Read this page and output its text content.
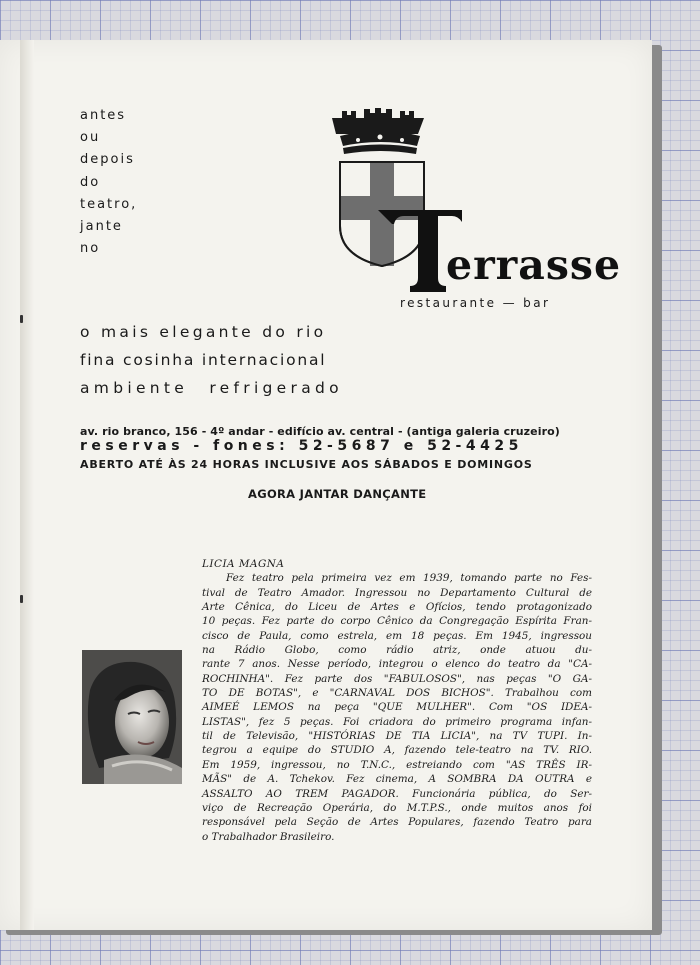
antes
ou
depois
do
teatro,
jante
no	errasse
restaurante — bar
o mais elegante do rio
fina cosinha internacional
ambiente refrigerado
av. rio branco, 156 - 4º andar - edifício av. central - (antiga galeria cruzeiro)
reservas - fones: 52-5687 e 52-4425
ABERTO ATÉ ÀS 24 HORAS INCLUSIVE AOS SÁBADOS E DOMINGOS
AGORA JANTAR DANÇANTE
LICIA MAGNA
Fez teatro pela primeira vez em 1939, tomando parte no Fes-
tival de Teatro Amador. Ingressou no Departamento Cultural de
Arte Cênica, do Liceu de Artes e Ofícios, tendo protagonizado
10 peças. Fez parte do corpo Cênico da Congregação Espírita Fran-
cisco de Paula, como estrela, em 18 peças. Em 1945, ingressou
na Rádio Globo, como rádio atriz, onde atuou du-
rante 7 anos. Nesse período, integrou o elenco do teatro da "CA-
ROCHINHA". Fez parte dos "FABULOSOS", nas peças "O GA-
TO DE BOTAS", e "CARNAVAL DOS BICHOS". Trabalhou com
AIMEÉ LEMOS na peça "QUE MULHER". Com "OS IDEA-
LISTAS", fez 5 peças. Foi criadora do primeiro programa infan-
til de Televisão, "HISTÓRIAS DE TIA LICIA", na TV TUPI. In-
tegrou a equipe do STUDIO A, fazendo tele-teatro na TV. RIO.
Em 1959, ingressou, no T.N.C., estreiando com "AS TRÊS IR-
MÃS" de A. Tchekov. Fez cinema, A SOMBRA DA OUTRA e
ASSALTO AO TREM PAGADOR. Funcionária pública, do Ser-
viço de Recreação Operária, do M.T.P.S., onde muitos anos foi
responsável pela Seção de Artes Populares, fazendo Teatro para
o Trabalhador Brasileiro.
